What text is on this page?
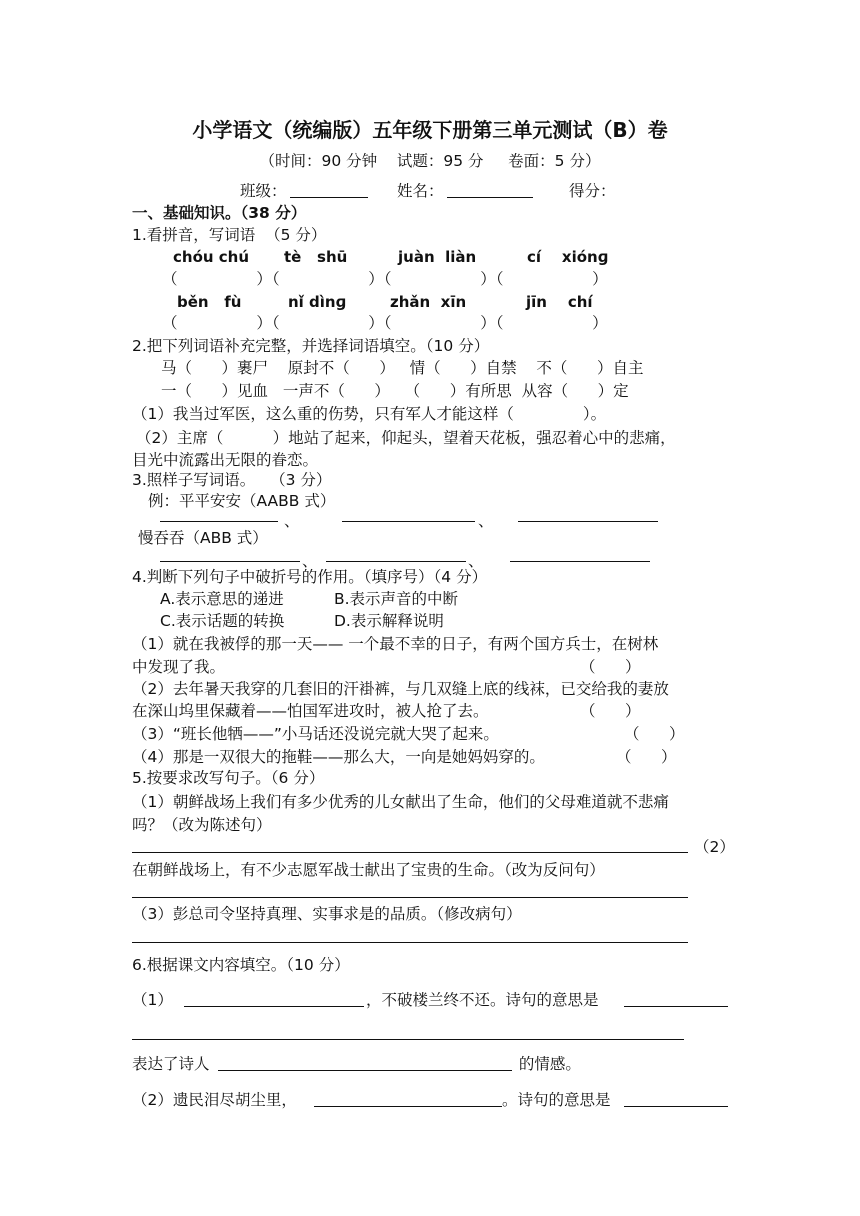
小学语文（统编版）五年级下册第三单元测试（B）卷
（时间：90 分钟    试题：95 分     卷面：5 分）
班级：	姓名：	得分：
一、基础知识。（38 分）
1.看拼音，写词语  （5 分）
chóu chú tè   shū	juàn  liàn	cí    xiónɡ
（                ）（                  ）（                  ）（                  ）
běn   fù	nǐ dìnɡ	zhǎn  xīn	jīn    chí
（                ）（                  ）（                  ）（                  ）
2.把下列词语补充完整，并选择词语填空。（10 分）
马（      ）裹尸    原封不（      ）   情（      ）自禁    不（      ）自主
一（      ）见血   一声不（      ）   （      ）有所思  从容（      ）定
（1）我当过军医，这么重的伤势，只有军人才能这样（              ）。
（2）主席（          ）地站了起来，仰起头，望着天花板，强忍着心中的悲痛，
目光中流露出无限的眷恋。
3.照样子写词语。   （3 分）
例：平平安安（AABB 式）
、	、
慢吞吞（ABB 式）
、	、
4.判断下列句子中破折号的作用。（填序号）（4 分）
A.表示意思的递进	B.表示声音的中断
C.表示话题的转换	D.表示解释说明
（1）就在我被俘的那一天—— 一个最不幸的日子，有两个国方兵士，在树林
中发现了我。	（      ）
（2）去年暑天我穿的几套旧的汗褂裤，与几双缝上底的线袜，已交给我的妻放
在深山坞里保藏着——怕国军进攻时，被人抢了去。	（      ）
（3）“班长他牺——”小马话还没说完就大哭了起来。	（      ）
（4）那是一双很大的拖鞋——那么大，一向是她妈妈穿的。	（      ）
5.按要求改写句子。（6 分）
（1）朝鲜战场上我们有多少优秀的儿女献出了生命，他们的父母难道就不悲痛
吗？（改为陈述句）
（2）
在朝鲜战场上，有不少志愿军战士献出了宝贵的生命。（改为反问句）
（3）彭总司令坚持真理、实事求是的品质。（修改病句）
6.根据课文内容填空。（10 分）
（1）	，不破楼兰终不还。诗句的意思是
表达了诗人	的情感。
（2）遗民泪尽胡尘里，	。诗句的意思是
